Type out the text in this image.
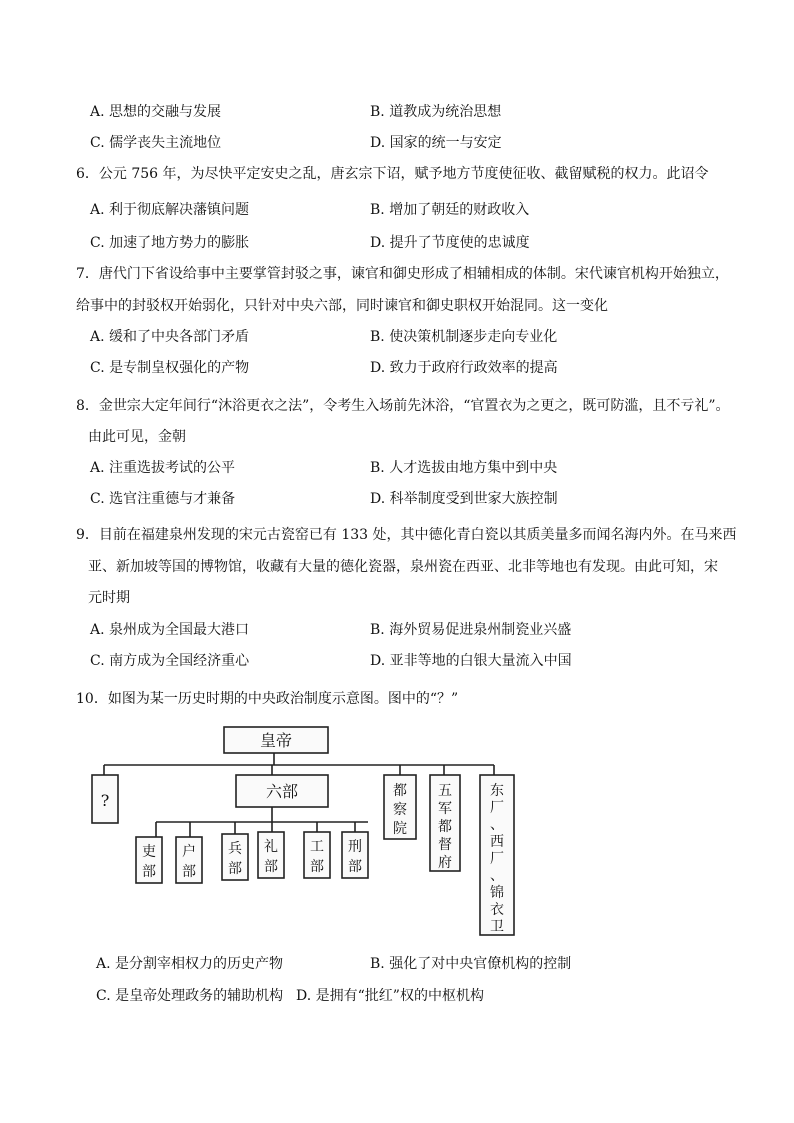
A. 思想的交融与发展	B. 道教成为统治思想
C. 儒学丧失主流地位	D. 国家的统一与安定
6．公元 756 年，为尽快平定安史之乱，唐玄宗下诏，赋予地方节度使征收、截留赋税的权力。此诏令
A. 利于彻底解决藩镇问题	B. 增加了朝廷的财政收入
C. 加速了地方势力的膨胀	D. 提升了节度使的忠诚度
7．唐代门下省设给事中主要掌管封驳之事，谏官和御史形成了相辅相成的体制。宋代谏官机构开始独立，
给事中的封驳权开始弱化，只针对中央六部，同时谏官和御史职权开始混同。这一变化
A. 缓和了中央各部门矛盾	B. 使决策机制逐步走向专业化
C. 是专制皇权强化的产物	D. 致力于政府行政效率的提高
8．金世宗大定年间行“沐浴更衣之法”，令考生入场前先沐浴，“官置衣为之更之，既可防滥，且不亏礼”。
由此可见，金朝
A. 注重选拔考试的公平	B. 人才选拔由地方集中到中央
C. 选官注重德与才兼备	D. 科举制度受到世家大族控制
9．目前在福建泉州发现的宋元古瓷窑已有 133 处，其中德化青白瓷以其质美量多而闻名海内外。在马来西
亚、新加坡等国的博物馆，收藏有大量的德化瓷器，泉州瓷在西亚、北非等地也有发现。由此可知，宋
元时期
A. 泉州成为全国最大港口	B. 海外贸易促进泉州制瓷业兴盛
C. 南方成为全国经济重心	D. 亚非等地的白银大量流入中国
10．如图为某一历史时期的中央政治制度示意图。图中的“？”
皇帝
?	六部
吏
部
户
部
兵
部
礼
部
工
部
刑
部
都
察
院
五
军
都
督
府
东
厂
、
西
厂
、
锦
衣
卫
A. 是分割宰相权力的历史产物	B. 强化了对中央官僚机构的控制
C. 是皇帝处理政务的辅助机构 D. 是拥有“批红”权的中枢机构
